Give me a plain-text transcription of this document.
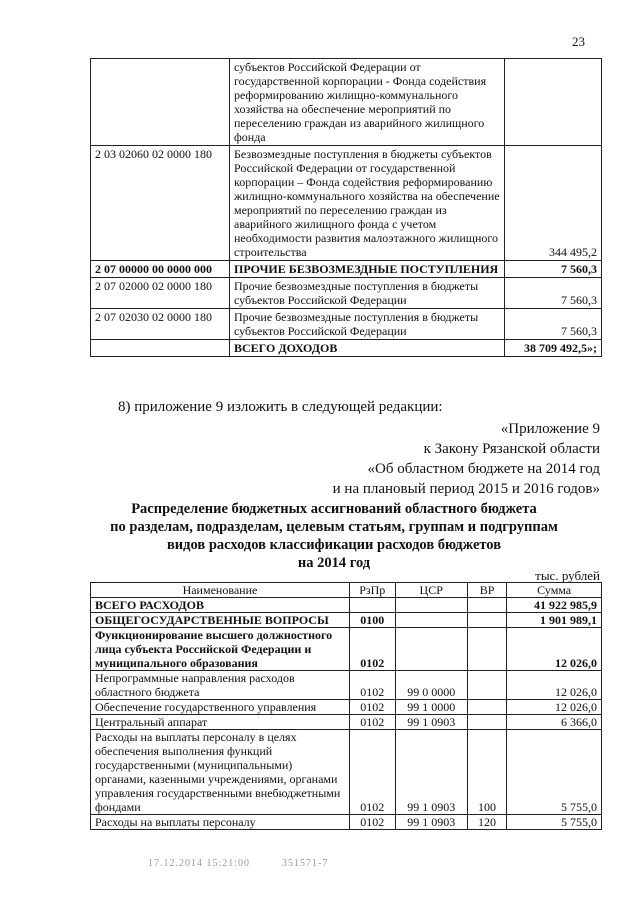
23
	субъектов Российской Федерации от государственной корпорации - Фонда содействия реформированию жилищно-коммунального хозяйства на обеспечение мероприятий по переселению граждан из аварийного жилищного фонда	
2 03 02060 02 0000 180	Безвозмездные поступления в бюджеты субъектов Российской Федерации от государственной корпорации – Фонда содействия реформированию жилищно-коммунального хозяйства на обеспечение мероприятий по переселению граждан из аварийного жилищного фонда с учетом необходимости развития малоэтажного жилищного строительства	344 495,2
2 07 00000 00 0000 000	ПРОЧИЕ БЕЗВОЗМЕЗДНЫЕ ПОСТУПЛЕНИЯ	7 560,3
2 07 02000 02 0000 180	Прочие безвозмездные поступления в бюджеты субъектов Российской Федерации	7 560,3
2 07 02030 02 0000 180	Прочие безвозмездные поступления в бюджеты субъектов Российской Федерации	7 560,3
	ВСЕГО ДОХОДОВ	38 709 492,5»;
8) приложение 9 изложить в следующей редакции:
«Приложение 9
к Закону Рязанской области
«Об областном бюджете на 2014 год
и на плановый период 2015 и 2016 годов»
Распределение бюджетных ассигнований областного бюджета
по разделам, подразделам, целевым статьям, группам и подгруппам
видов расходов классификации расходов бюджетов
на 2014 год
тыс. рублей
Наименование	РзПр	ЦСР	ВР	Сумма
ВСЕГО РАСХОДОВ				41 922 985,9
ОБЩЕГОСУДАРСТВЕННЫЕ ВОПРОСЫ	0100			1 901 989,1
Функционирование высшего должностного лица субъекта Российской Федерации и муниципального образования	0102			12 026,0
Непрограммные направления расходов областного бюджета	0102	99 0 0000		12 026,0
Обеспечение государственного управления	0102	99 1 0000		12 026,0
Центральный аппарат	0102	99 1 0903		6 366,0
Расходы на выплаты персоналу в целях обеспечения выполнения функций государственными (муниципальными) органами, казенными учреждениями, органами управления государственными внебюджетными фондами	0102	99 1 0903	100	5 755,0
Расходы на выплаты персоналу	0102	99 1 0903	120	5 755,0
17.12.2014 15:21:00	351571-7
